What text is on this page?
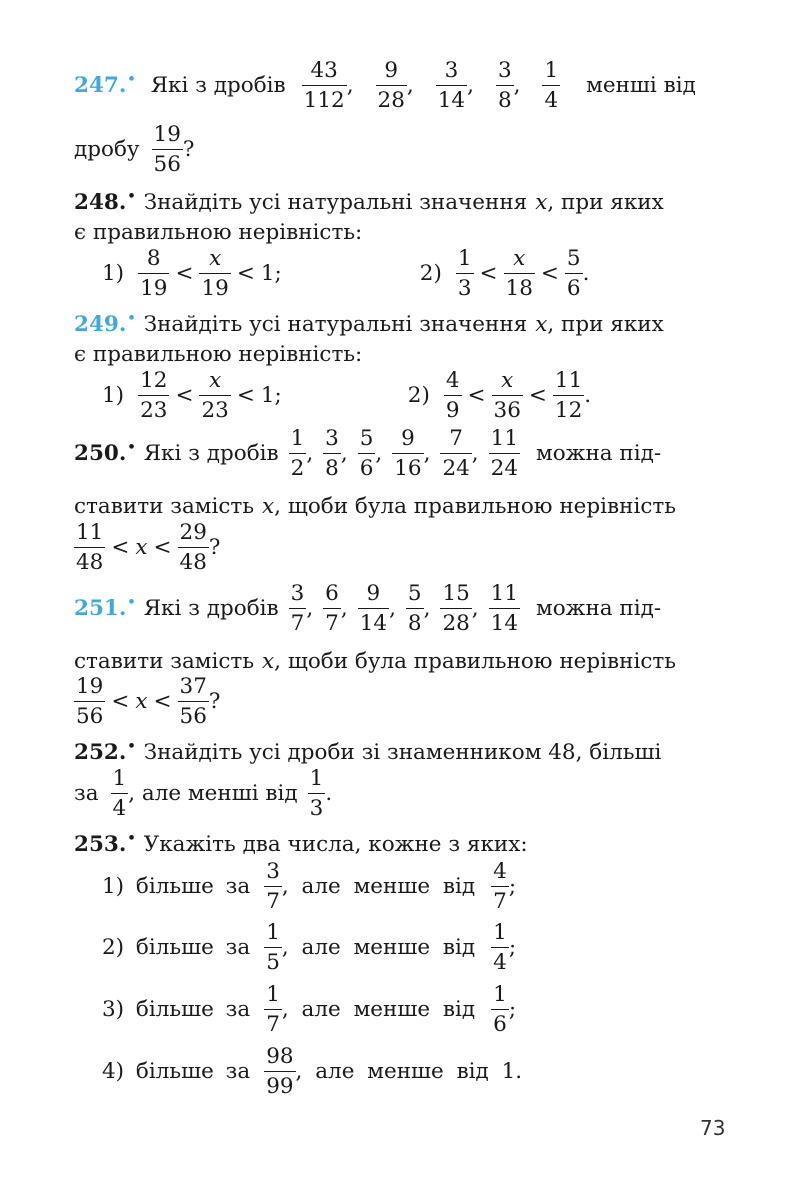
247.• Які з дробів $\frac{43}{112}$ , $\frac{9}{28}$ , $\frac{3}{14}$ , $\frac{3}{8}$ , $\frac{1}{4}$ менші від
дробу $\frac{19}{56}$ ?
248.• Знайдіть усі натуральні значення x , при яких
є правильною нерівність:
$1) \frac{8}{19} < \frac{x}{19} < 1$;	$2) \frac{1}{3} < \frac{x}{18} < \frac{5}{6}$ .
249.• Знайдіть усі натуральні значення x , при яких
є правильною нерівність:
$1) \frac{12}{23} < \frac{x}{23} < 1$;	$2) \frac{4}{9} < \frac{x}{36} < \frac{11}{12}$ .
250.• Які з дробів $\frac{1}{2}$ , $\frac{3}{8}$ , $\frac{5}{6}$ , $\frac{9}{16}$ , $\frac{7}{24}$ , $\frac{11}{24}$ можна під-
ставити замість x , щоби була правильною нерівність
$\frac{11}{48} < x < \frac{29}{48}$ ?
251.• Які з дробів $\frac{3}{7}$ , $\frac{6}{7}$ , $\frac{9}{14}$ , $\frac{5}{8}$ , $\frac{15}{28}$ , $\frac{11}{14}$ можна під-
ставити замість x , щоби була правильною нерівність
$\frac{19}{56} < x < \frac{37}{56}$ ?
252.• Знайдіть усі дроби зі знаменником 48, більші
за $\frac{1}{4}$ , але менші від $\frac{1}{3}$ .
253.• Укажіть два числа, кожне з яких:
1) більше за $\frac{3}{7}$ , але менше від $\frac{4}{7}$ ;
2) більше за $\frac{1}{5}$ , але менше від $\frac{1}{4}$ ;
3) більше за $\frac{1}{7}$ , але менше від $\frac{1}{6}$ ;
4) більше за $\frac{98}{99}$ , але менше від 1.
73
